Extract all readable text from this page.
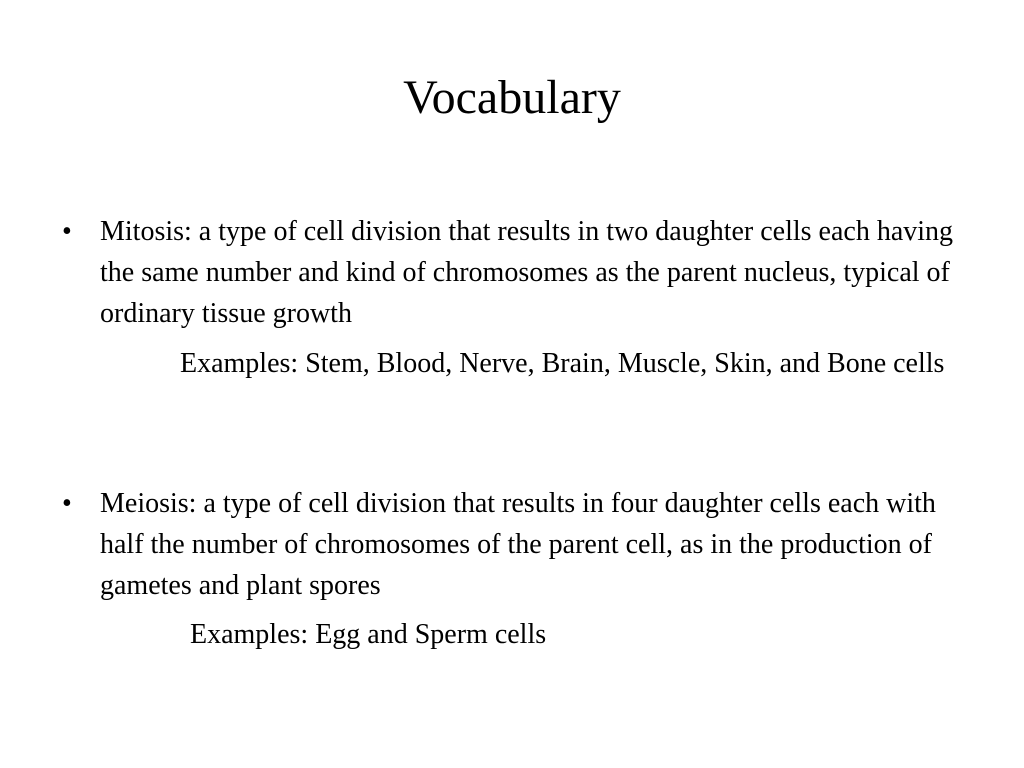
Vocabulary
•	Mitosis: a type of cell division that results in two daughter cells each having the same number and kind of chromosomes as the parent nucleus, typical of ordinary tissue growth
Examples: Stem, Blood, Nerve, Brain, Muscle, Skin, and Bone cells
•	Meiosis: a type of cell division that results in four daughter cells each with half the number of chromosomes of the parent cell, as in the production of gametes and plant spores
Examples: Egg and Sperm cells
